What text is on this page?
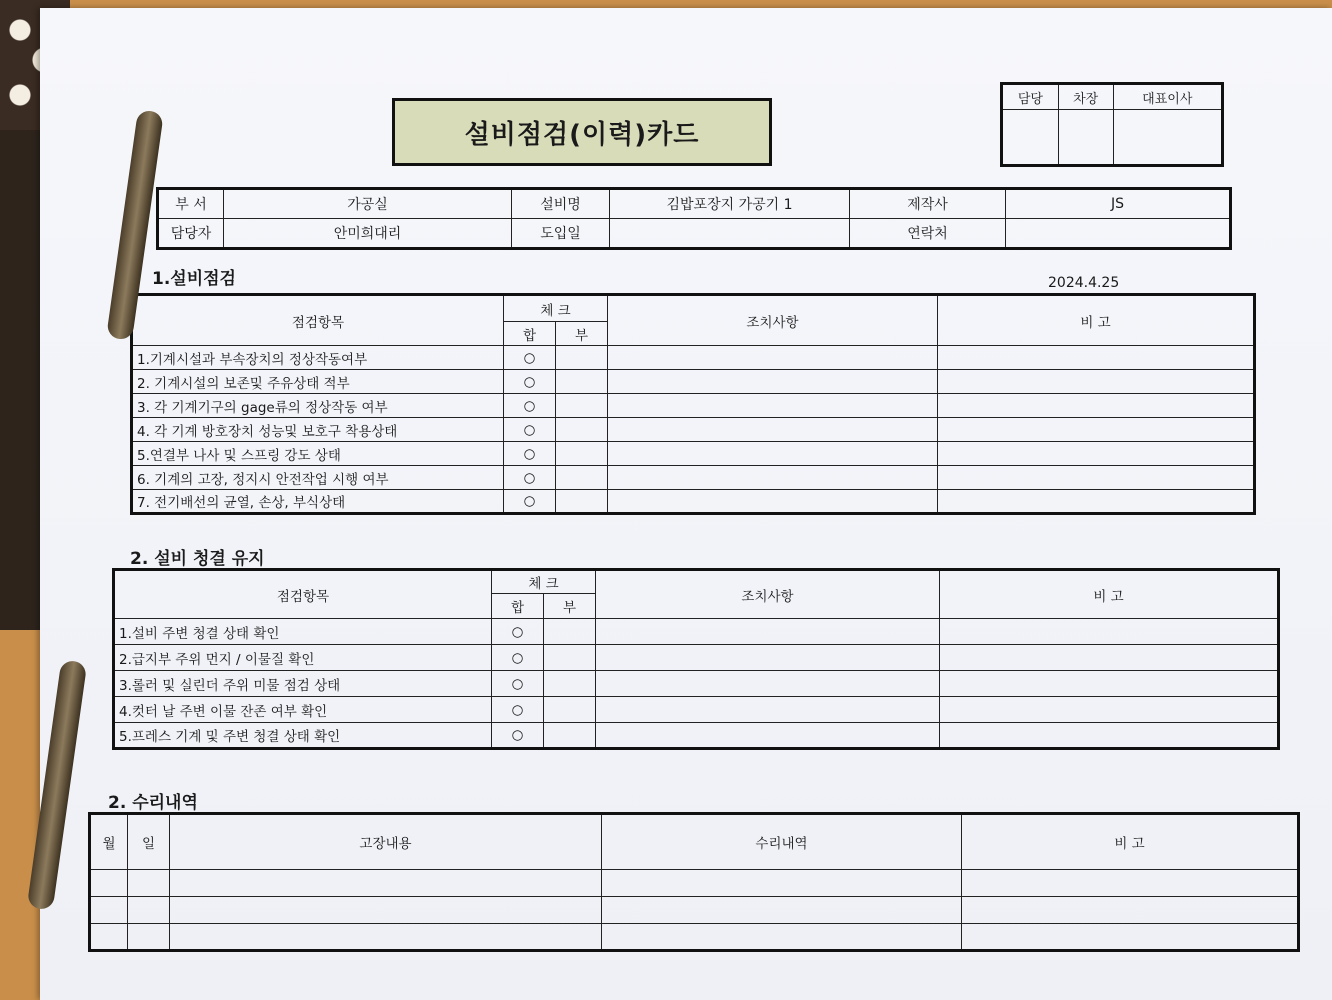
설비점검(이력)카드
담당	차장	대표이사

부 서	가공실	설비명	김밥포장지 가공기 1	제작사	JS
담당자	안미희대리	도입일		연락처	
1.설비점검	2024.4.25
점검항목	체 크		조치사항	비 고
	합	부		
1.기계시설과 부속장치의 정상작동여부	○			
2. 기계시설의 보존및 주유상태 적부	○			
3. 각 기계기구의 gage류의 정상작동 여부	○			
4. 각 기계 방호장치 성능및 보호구 착용상태	○			
5.연결부 나사 및 스프링 강도 상태	○			
6. 기계의 고장, 정지시 안전작업 시행 여부	○			
7. 전기배선의 균열, 손상, 부식상태	○			
2. 설비 청결 유지
점검항목	체 크		조치사항	비 고
	합	부		
1.설비 주변 청결 상태 확인	○			
2.급지부 주위 먼지 / 이물질 확인	○			
3.롤러 및 실린더 주위 미물 점검 상태	○			
4.컷터 날 주변 이물 잔존 여부 확인	○			
5.프레스 기계 및 주변 청결 상태 확인	○			
2. 수리내역
월	일	고장내용	수리내역	비 고
